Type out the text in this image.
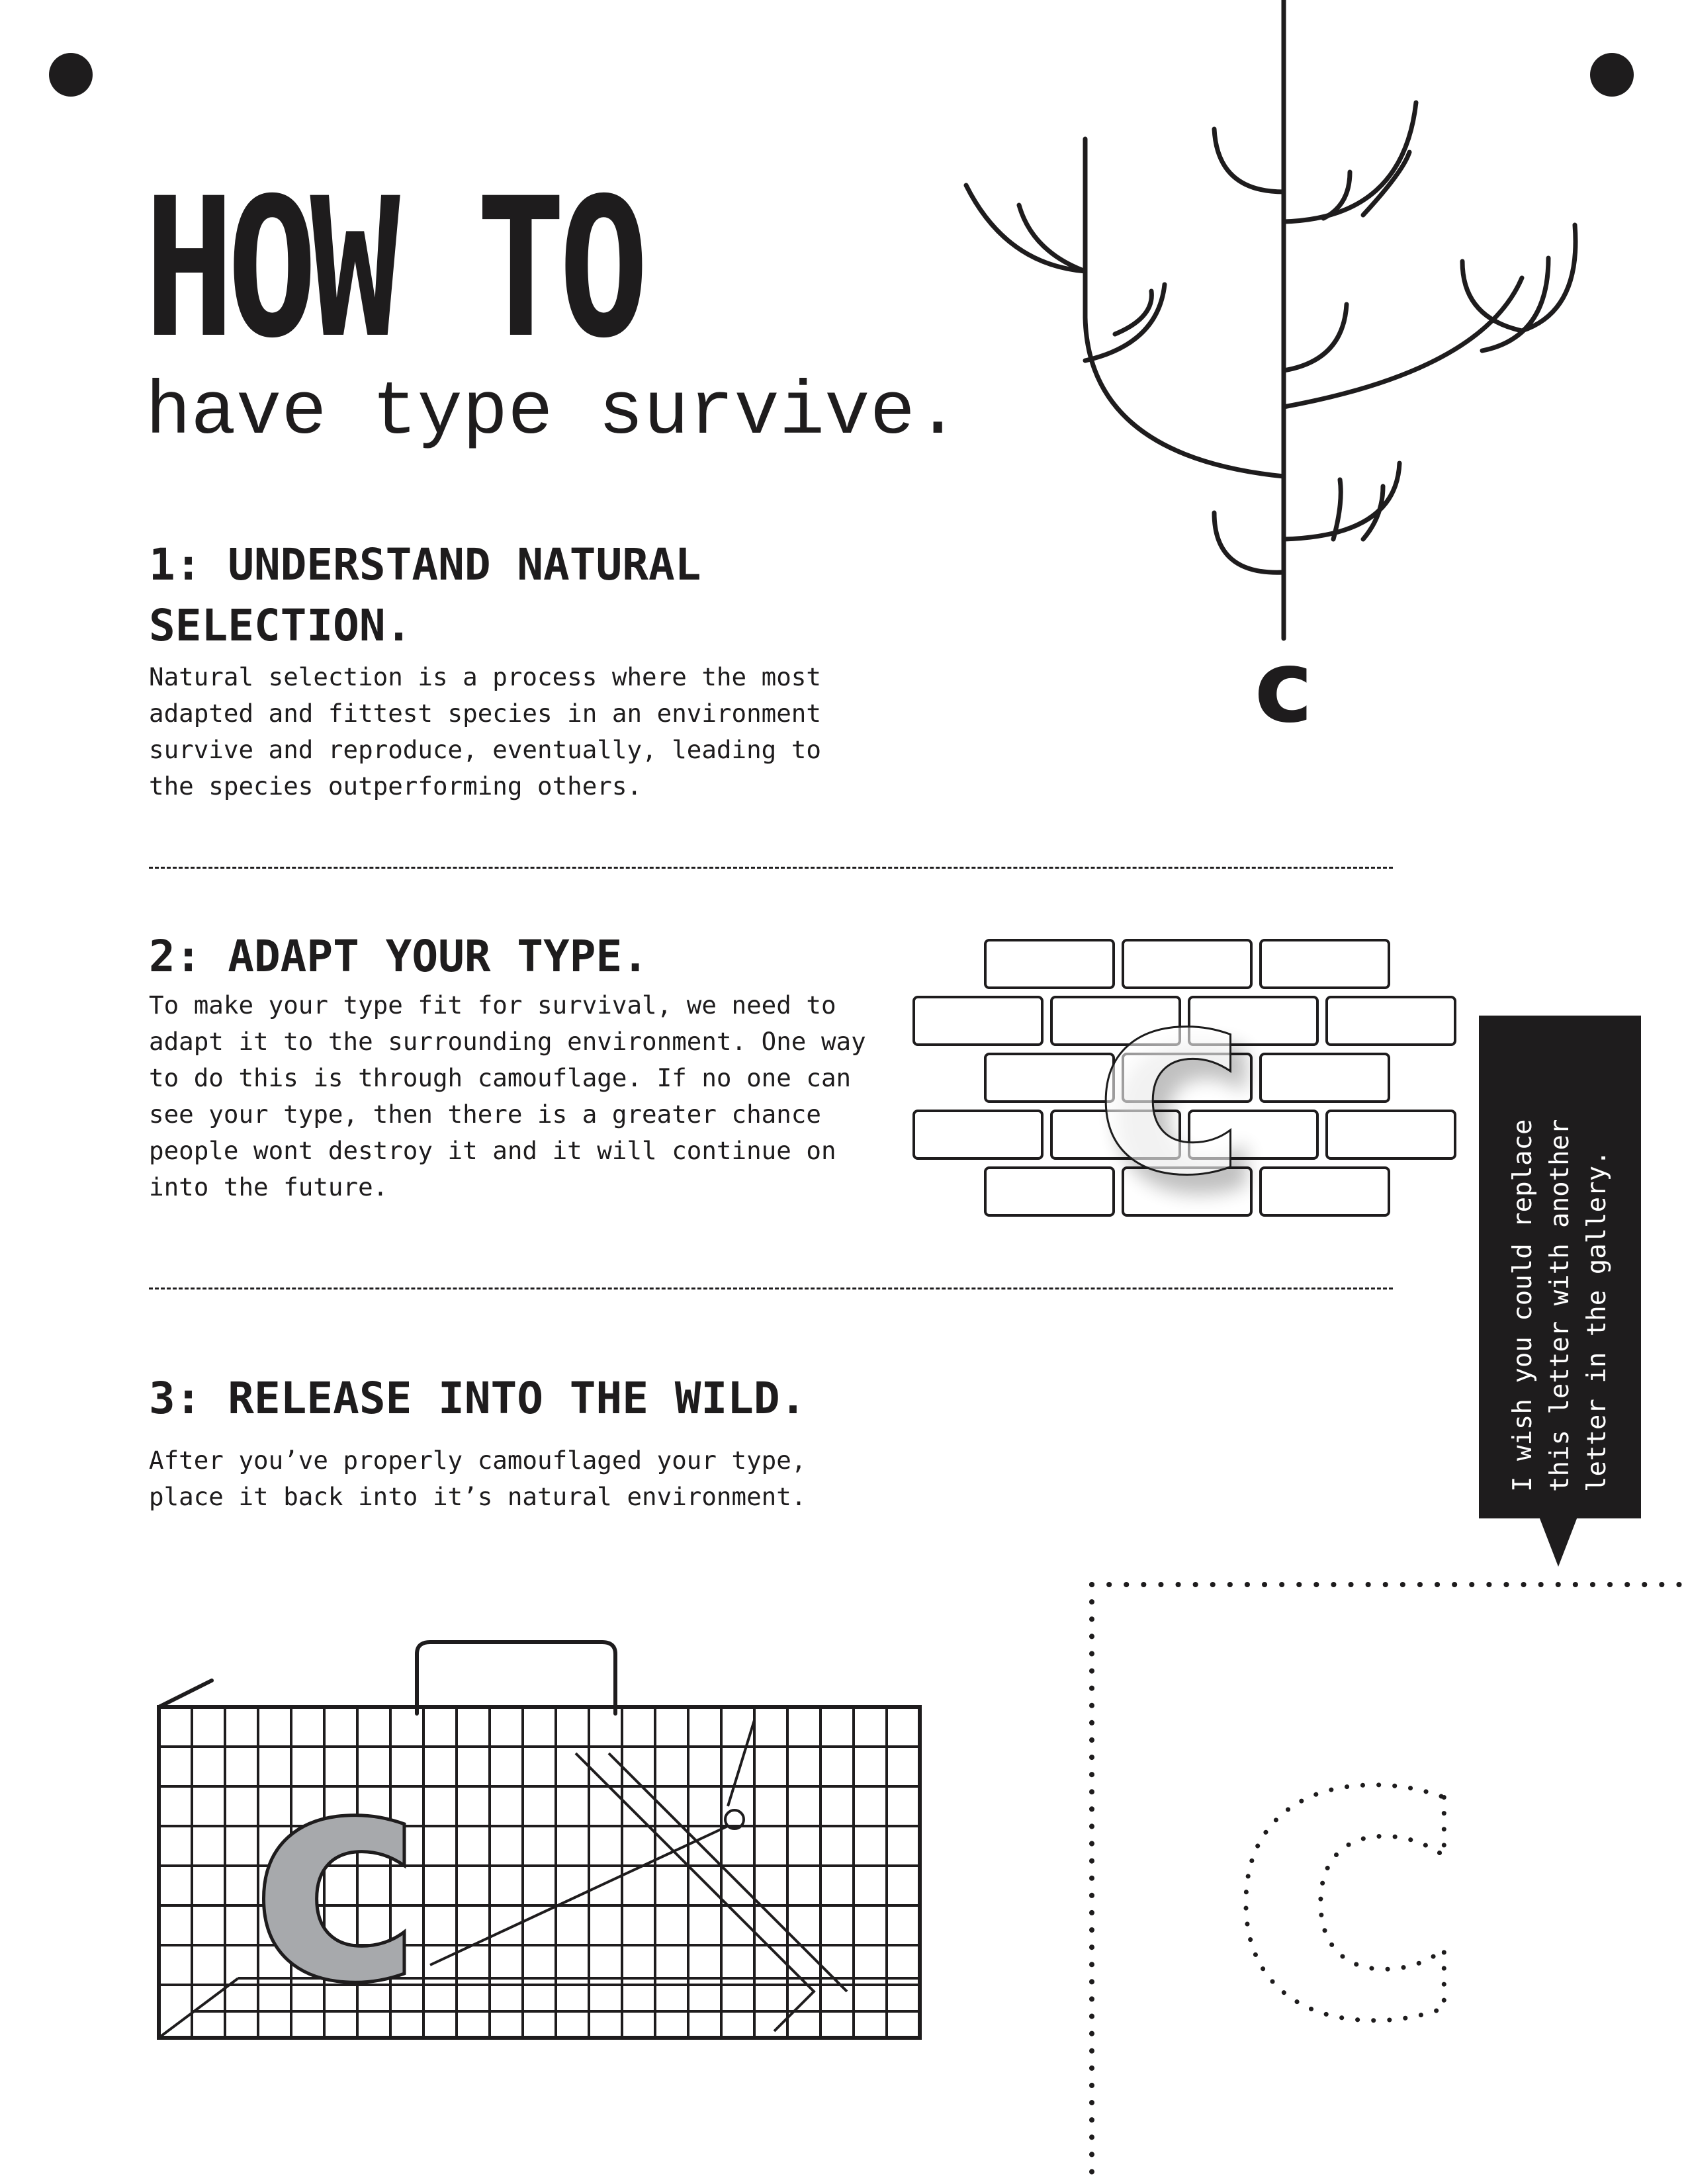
HOW TO
have type survive.
1: UNDERSTAND NATURAL
SELECTION.
Natural selection is a process where the most
adapted and fittest species in an environment
survive and reproduce, eventually, leading to
the species outperforming others.
2: ADAPT YOUR TYPE.
To make your type fit for survival, we need to
adapt it to the surrounding environment. One way
to do this is through camouflage. If no one can
see your type, then there is a greater chance
people wont destroy it and it will continue on
into the future.
3: RELEASE INTO THE WILD.
After you’ve properly camouflaged your type,
place it back into it’s natural environment.
c
c
I wish you could replace
this letter with another
letter in the gallery.
c c
